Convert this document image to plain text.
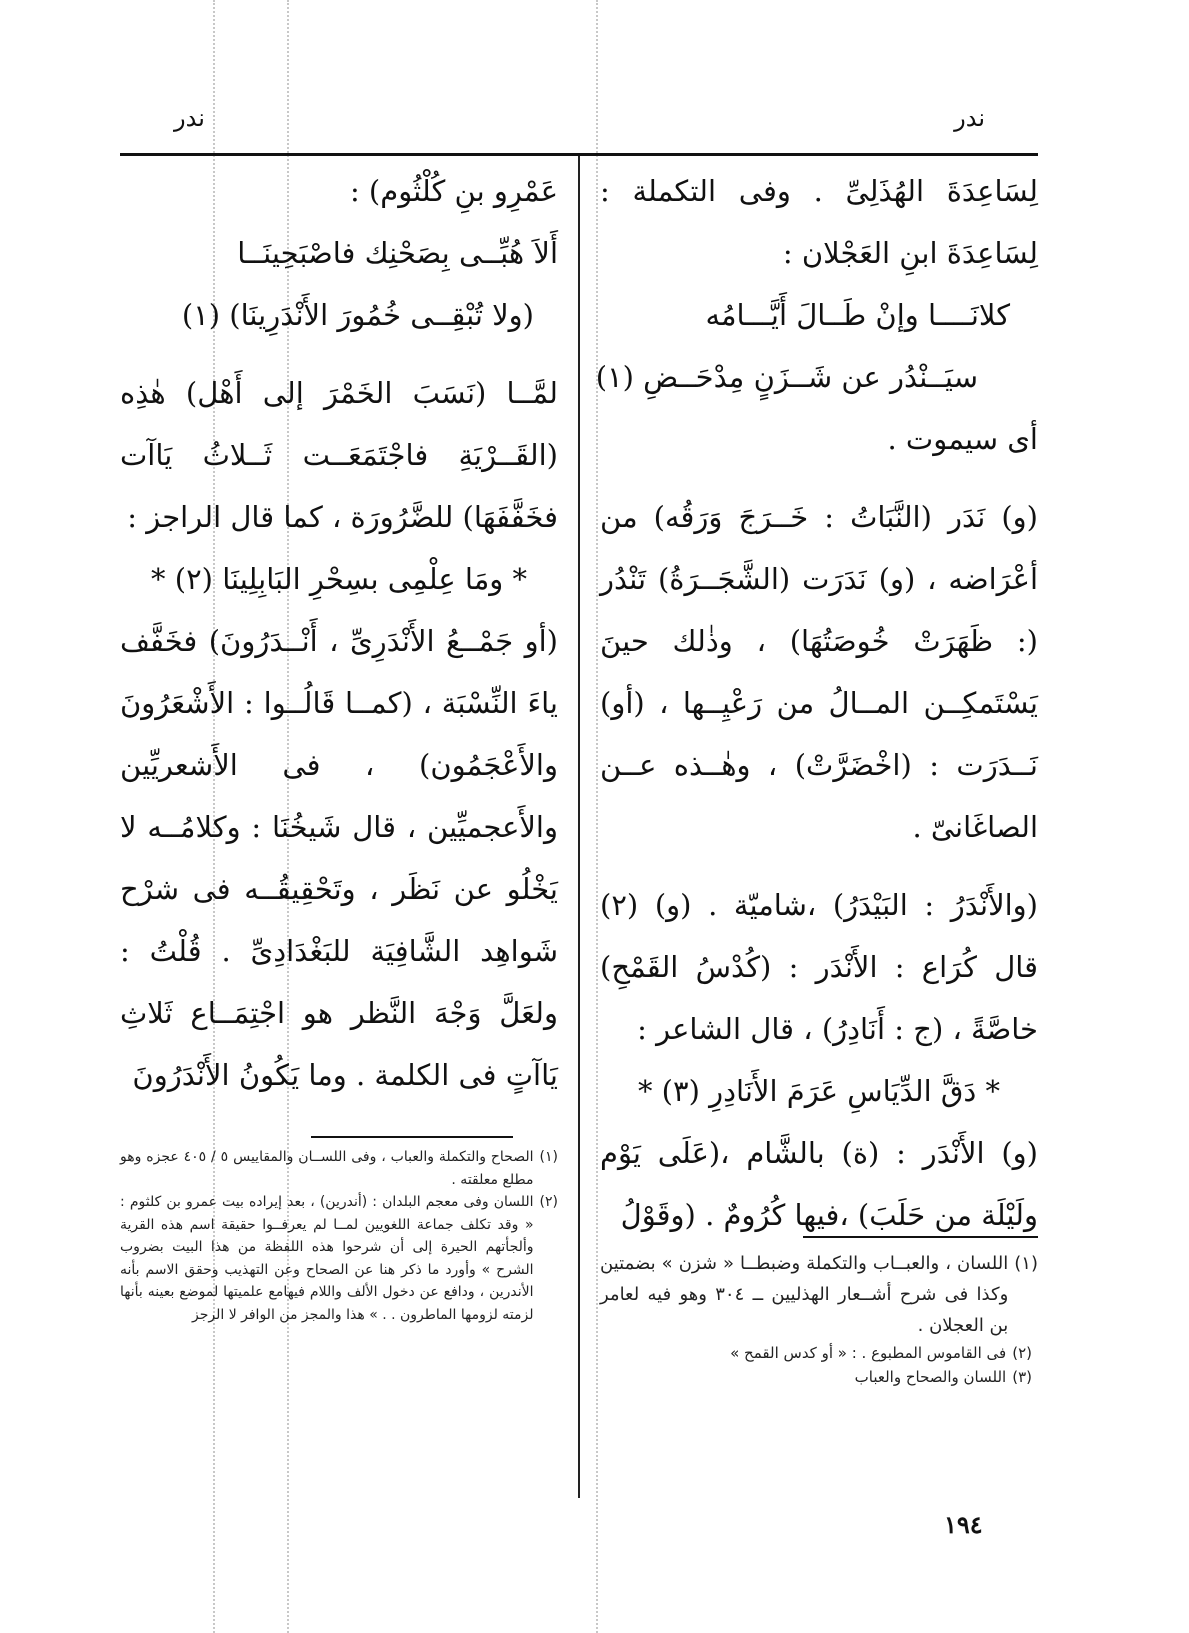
ندر	ندر

لِسَاعِدَةَ الهُذَلِىِّ . وفى التكملة : لِسَاعِدَةَ ابنِ العَجْلان :

كلانَــــا وإنْ طَــالَ أَيَّـــامُه

سيَــنْدُر عن شَــزَنٍ مِدْحَــضِ (١)

أى سيموت .

(و) نَدَر (النَّبَاتُ : خَــرَجَ وَرَقُه) من أعْرَاضه ، (و) نَدَرَت (الشَّجَــرَةُ) تَنْدُر (: ظَهَرَتْ خُوصَتُهَا) ، وذٰلك حينَ يَسْتَمكِــن المــالُ من رَعْيِــها ، (أو) نَــدَرَت : (اخْضَرَّتْ) ، وهٰــذه عــن الصاغَانىّ .

(والأَنْدَرُ : البَيْدَرُ) ،شاميّة . (و) (٢) قال كُرَاع : الأَنْدَر : (كُدْسُ القَمْحِ) خاصَّةً ، (ج : أَنَادِرُ) ، قال الشاعر :

* دَقَّ الدِّيَاسِ عَرَمَ الأَنَادِرِ (٣) *

(و) الأَنْدَر : (ة) بالشَّام ،(عَلَى يَوْم ولَيْلَة من حَلَبَ) ،فيها كُرُومٌ . (وقَوْلُ

عَمْرِو بنِ كُلْثُوم) :

أَلاَ هُبِّــى بِصَحْنِك فاصْبَحِينَــا

(ولا تُبْقِــى خُمُورَ الأَنْدَرِينَا) (١)

لمَّــا (نَسَبَ الخَمْرَ إلى أَهْل) هٰذِه (القَــرْيَةِ فاجْتَمَعَــت ثَــلاثُ يَاآت فخَفَّفَهَا) للضَّرُورَة ، كما قال الراجز :

* ومَا عِلْمِى بسِحْرِ البَابِلِينَا (٢) *

(أو جَمْــعُ الأَنْدَرِىِّ ، أَنْــدَرُونَ) فخَفَّف ياءَ النِّسْبَة ، (كمــا قَالُــوا : الأَشْعَرُونَ والأَعْجَمُون) ، فى الأَشعريِّين والأَعجميِّين ، قال شَيخُنَا : وكلامُــه لا يَخْلُو عن نَظَر ، وتَحْقِيقُــه فى شرْح شَواهِد الشَّافِيَة للبَغْدَادِىِّ . قُلْتُ : ولعَلَّ وَجْهَ النَّظر هو اجْتِمَــاع ثَلاثِ يَاآتٍ فى الكلمة . وما يَكُونُ الأَنْدَرُونَ

(١)
اللسان ، والعبــاب والتكملة وضبطــا « شزن » بضمتين وكذا فى شرح أشــعار الهذليين ــ ٣٠٤ وهو فيه لعامر بن العجلان .
(٢)
فى القاموس المطبوع . : « أو كدس القمح »
(٣)
اللسان والصحاح والعباب
(١)
الصحاح والتكملة والعباب ، وفى اللســان والمقاييس ٥ / ٤٠٥ عجزه وهو مطلع معلقته .
(٢)
اللسان وفى معجم البلدان : (أندرين) ، بعد إيراده بيت عمرو بن كلثوم : « وقد تكلف جماعة اللغويين لمــا لم يعرفــوا حقيقة اسم هذه القرية وألجأتهم الحيرة إلى أن شرحوا هذه اللفظة من هذا البيت بضروب الشرح » وأورد ما ذكر هنا عن الصحاح وعن التهذيب وحقق الاسم بأنه الأندرين ، ودافع عن دخول الألف واللام فيهامع علميتها لموضع بعينه بأنها لزمته لزومها الماطرون . . » هذا والمجز من الوافر لا الرجز
١٩٤
